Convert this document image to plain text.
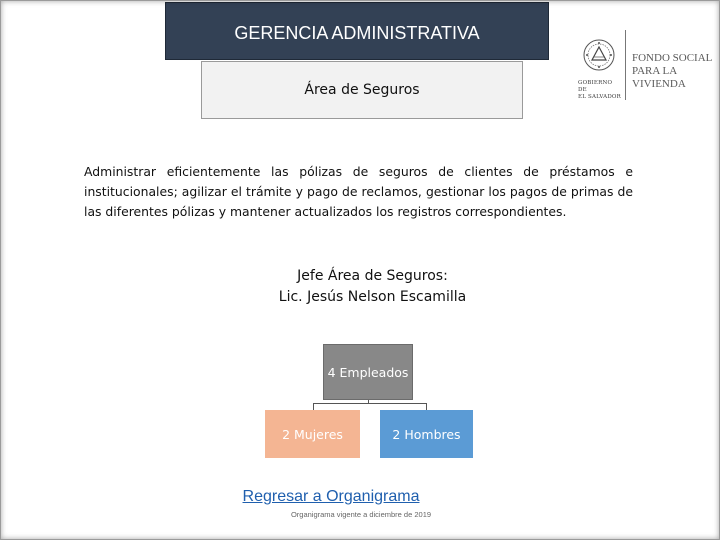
GERENCIA ADMINISTRATIVA
Área de Seguros	GOBIERNO DE
EL SALVADOR
FONDO SOCIAL
PARA LA VIVIENDA

Administrar eficientemente las pólizas de seguros de clientes de préstamos e institucionales; agilizar el trámite y pago de reclamos, gestionar los pagos de primas de las diferentes pólizas y mantener actualizados los registros correspondientes.

Jefe Área de Seguros:
Lic. Jesús Nelson Escamilla
4 Empleados
2 Mujeres	2 Hombres
Regresar a Organigrama
Organigrama vigente a diciembre de 2019
